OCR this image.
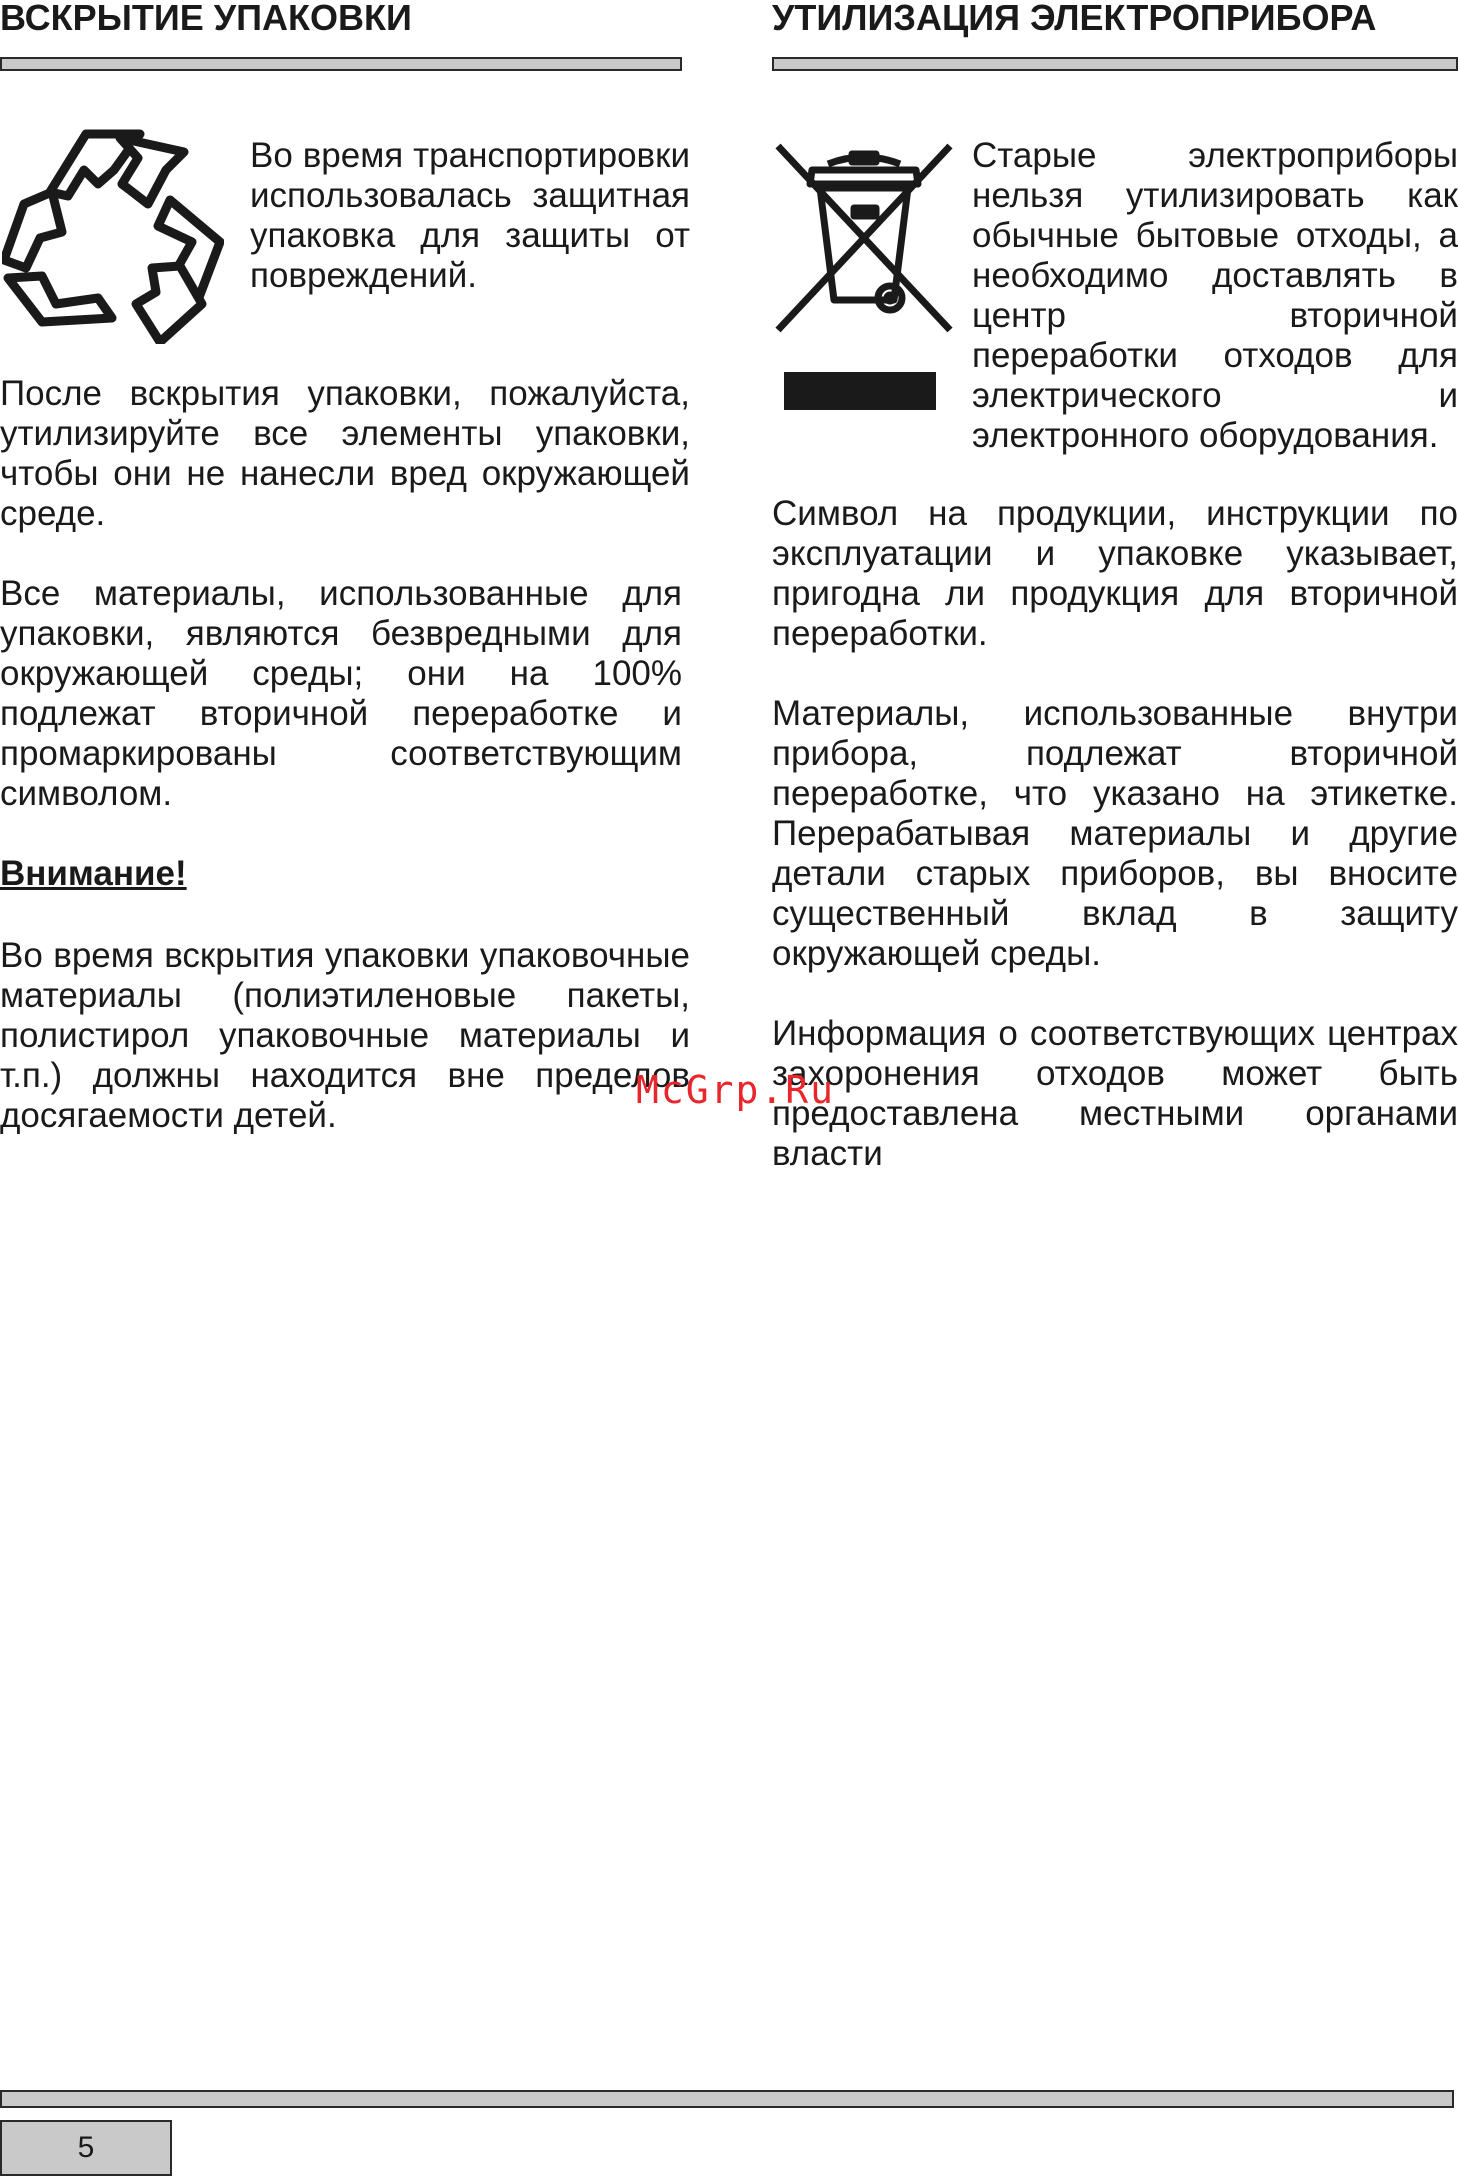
ВСКРЫТИЕ УПАКОВКИ

Во время транспортировки использовалась защитная упаковка для защиты от повреждений.

После вскрытия упаковки, пожалуйста, утилизируйте все элементы упаковки, чтобы они не нанесли вред окружающей среде.

Все материалы, использованные для упаковки, являются безвредными для окружающей среды; они на 100% подлежат вторичной переработке и промаркированы соответствующим символом.

Внимание!

Во время вскрытия упаковки упаковочные материалы (полиэтиленовые пакеты, полистирол упаковочные материалы и т.п.) должны находится вне пределов досягаемости детей.

УТИЛИЗАЦИЯ ЭЛЕКТРОПРИБОРА

Старые электроприборы нельзя утилизировать как обычные бытовые отходы, а необходимо доставлять в центр вторичной переработки отходов для электрического и электронного оборудования.

Символ на продукции, инструкции по эксплуатации и упаковке указывает, пригодна ли продукция для вторичной переработки.

Материалы, использованные внутри прибора, подлежат вторичной переработке, что указано на этикетке. Перерабатывая материалы и другие детали старых приборов, вы вносите существенный вклад в защиту окружающей среды.

Информация о соответствующих центрах захоронения отходов может быть предоставлена местными органами власти

McGrp.Ru
5
